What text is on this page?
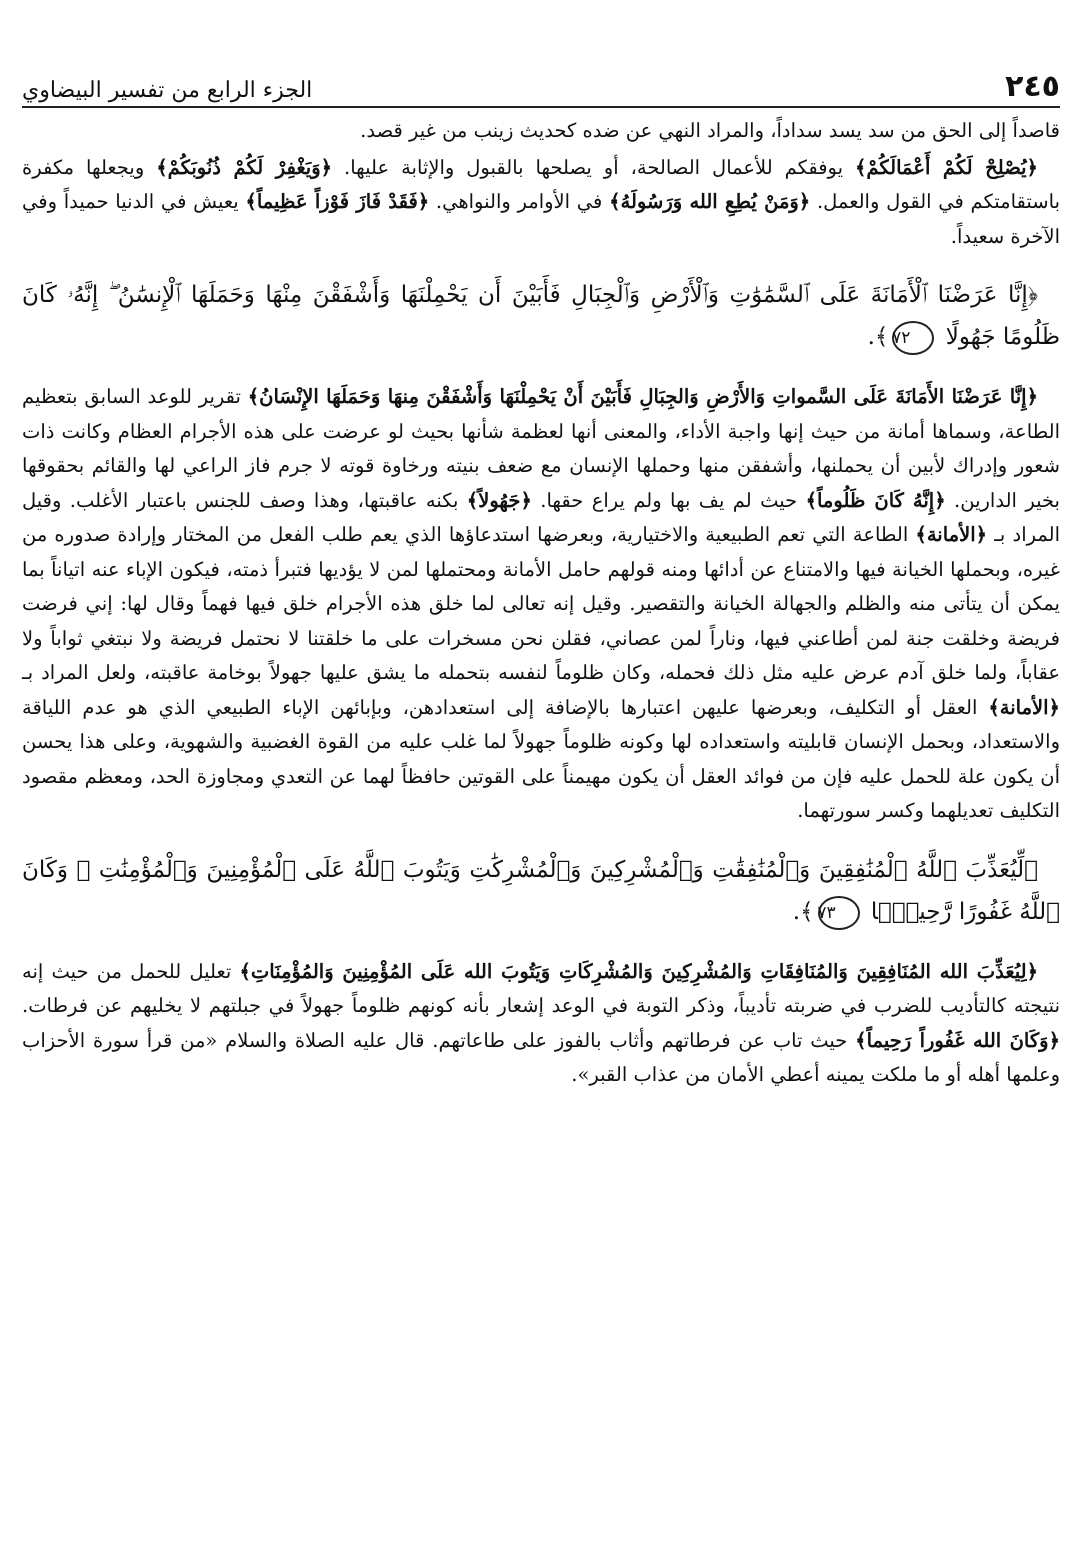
٢٤٥
الجزء الرابع من تفسير البيضاوي

قاصداً إلى الحق من سد يسد سداداً، والمراد النهي عن ضده كحديث زينب من غير قصد.

﴿يُصْلِحْ لَكُمْ أَعْمَالَكُمْ﴾ يوفقكم للأعمال الصالحة، أو يصلحها بالقبول والإثابة عليها. ﴿وَيَغْفِرْ لَكُمْ ذُنُوبَكُمْ﴾ ويجعلها مكفرة باستقامتكم في القول والعمل. ﴿وَمَنْ يُطِعِ الله وَرَسُولَهُ﴾ في الأوامر والنواهي. ﴿فَقَدْ فَازَ فَوْزاً عَظِيماً﴾ يعيش في الدنيا حميداً وفي الآخرة سعيداً.

﴿إِنَّا عَرَضْنَا ٱلْأَمَانَةَ عَلَى ٱلسَّمَٰوَٰتِ وَٱلْأَرْضِ وَٱلْجِبَالِ فَأَبَيْنَ أَن يَحْمِلْنَهَا وَأَشْفَقْنَ مِنْهَا وَحَمَلَهَا ٱلْإِنسَٰنُ ۖ إِنَّهُۥ كَانَ ظَلُومًا جَهُولًا ٧٢﴾.

﴿إِنَّا عَرَضْنَا الأَمَانَةَ عَلَى السَّمواتِ وَالأَرْضِ وَالجِبَالِ فَأَبَيْنَ أَنْ يَحْمِلْنَهَا وَأَشْفَقْنَ مِنهَا وَحَمَلَهَا الإِنْسَانُ﴾ تقرير للوعد السابق بتعظيم الطاعة، وسماها أمانة من حيث إنها واجبة الأداء، والمعنى أنها لعظمة شأنها بحيث لو عرضت على هذه الأجرام العظام وكانت ذات شعور وإدراك لأبين أن يحملنها، وأشفقن منها وحملها الإنسان مع ضعف بنيته ورخاوة قوته لا جرم فاز الراعي لها والقائم بحقوقها بخير الدارين. ﴿إِنَّهُ كَانَ ظَلُوماً﴾ حيث لم يف بها ولم يراع حقها. ﴿جَهُولاً﴾ بكنه عاقبتها، وهذا وصف للجنس باعتبار الأغلب. وقيل المراد بـ ﴿الأمانة﴾ الطاعة التي تعم الطبيعية والاختيارية، وبعرضها استدعاؤها الذي يعم طلب الفعل من المختار وإرادة صدوره من غيره، وبحملها الخيانة فيها والامتناع عن أدائها ومنه قولهم حامل الأمانة ومحتملها لمن لا يؤديها فتبرأ ذمته، فيكون الإباء عنه اتياناً بما يمكن أن يتأتى منه والظلم والجهالة الخيانة والتقصير. وقيل إنه تعالى لما خلق هذه الأجرام خلق فيها فهماً وقال لها: إني فرضت فريضة وخلقت جنة لمن أطاعني فيها، وناراً لمن عصاني، فقلن نحن مسخرات على ما خلقتنا لا نحتمل فريضة ولا نبتغي ثواباً ولا عقاباً، ولما خلق آدم عرض عليه مثل ذلك فحمله، وكان ظلوماً لنفسه بتحمله ما يشق عليها جهولاً بوخامة عاقبته، ولعل المراد بـ ﴿الأمانة﴾ العقل أو التكليف، وبعرضها عليهن اعتبارها بالإضافة إلى استعدادهن، وبإبائهن الإباء الطبيعي الذي هو عدم اللياقة والاستعداد، وبحمل الإنسان قابليته واستعداده لها وكونه ظلوماً جهولاً لما غلب عليه من القوة الغضبية والشهوية، وعلى هذا يحسن أن يكون علة للحمل عليه فإن من فوائد العقل أن يكون مهيمناً على القوتين حافظاً لهما عن التعدي ومجاوزة الحد، ومعظم مقصود التكليف تعديلهما وكسر سورتهما.

﴿لِّيُعَذِّبَ ٱللَّهُ ٱلْمُنَٰفِقِينَ وَٱلْمُنَٰفِقَٰتِ وَٱلْمُشْرِكِينَ وَٱلْمُشْرِكَٰتِ وَيَتُوبَ ٱللَّهُ عَلَى ٱلْمُؤْمِنِينَ وَٱلْمُؤْمِنَٰتِ ۗ وَكَانَ ٱللَّهُ غَفُورًا رَّحِيمًۢا ٧٣﴾.

﴿لِيُعَذِّبَ الله المُنَافِقِينَ وَالمُنَافِقَاتِ وَالمُشْرِكِينَ وَالمُشْرِكَاتِ وَيَتُوبَ الله عَلَى المُؤْمِنِينَ وَالمُؤْمِنَاتِ﴾ تعليل للحمل من حيث إنه نتيجته كالتأديب للضرب في ضربته تأديباً، وذكر التوبة في الوعد إشعار بأنه كونهم ظلوماً جهولاً في جبلتهم لا يخليهم عن فرطات. ﴿وَكَانَ الله غَفُوراً رَحِيماً﴾ حيث تاب عن فرطاتهم وأثاب بالفوز على طاعاتهم. قال عليه الصلاة والسلام «من قرأ سورة الأحزاب وعلمها أهله أو ما ملكت يمينه أعطي الأمان من عذاب القبر».
